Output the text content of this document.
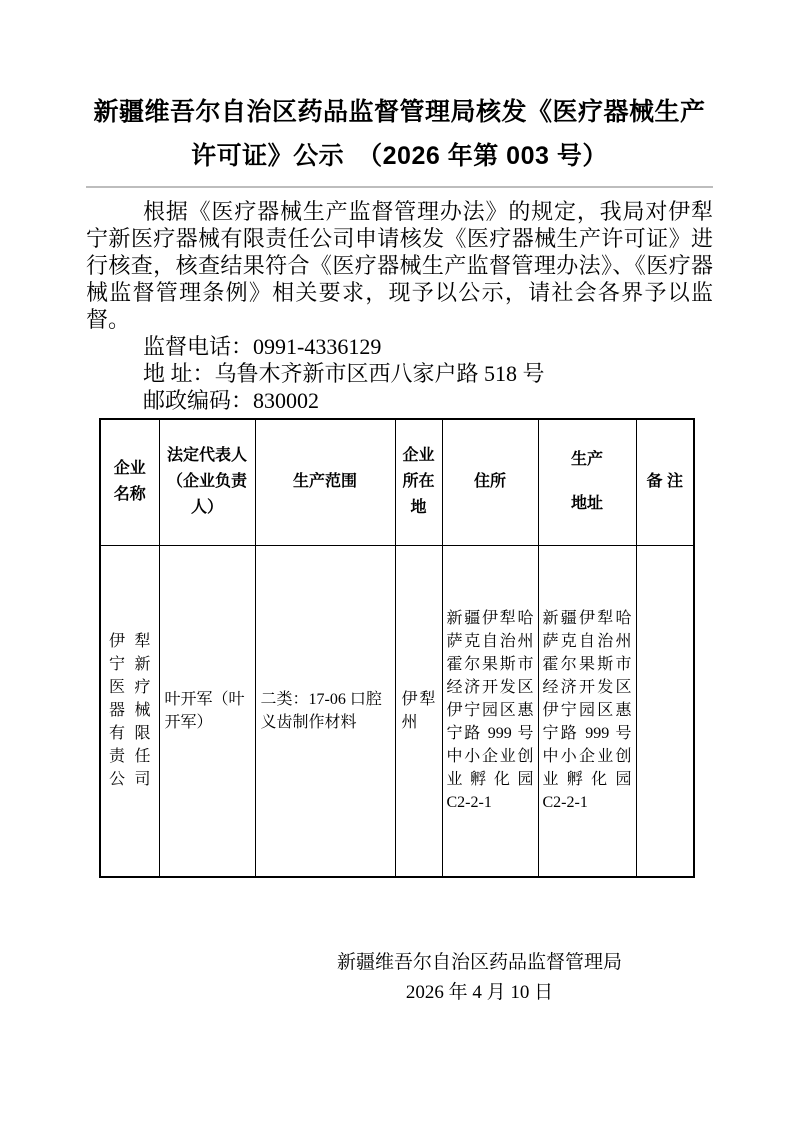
新疆维吾尔自治区药品监督管理局核发《医疗器械生产
许可证》公示　（2026 年第 003 号）

根据《医疗器械生产监督管理办法》的规定，我局对伊犁宁新医疗器械有限责任公司申请核发《医疗器械生产许可证》进行核查，核查结果符合《医疗器械生产监督管理办法》、《医疗器械监督管理条例》相关要求，现予以公示，请社会各界予以监督。

监督电话：0991-4336129
地 址：乌鲁木齐新市区西八家户路 518 号
邮政编码：830002
企业名称	法定代表人（企业负责人）	生产范围	企业所在地	住所	生产地址	备 注
伊犁宁新医疗器械有限责任公司	叶开军（叶开军）	二类：17-06 口腔义齿制作材料	伊犁州	新疆伊犁哈萨克自治州霍尔果斯市经济开发区伊宁园区惠宁路 999 号中小企业创业孵化园 C2-2-1	新疆伊犁哈萨克自治州霍尔果斯市经济开发区伊宁园区惠宁路 999 号中小企业创业孵化园 C2-2-1	
新疆维吾尔自治区药品监督管理局
2026 年 4 月 10 日
